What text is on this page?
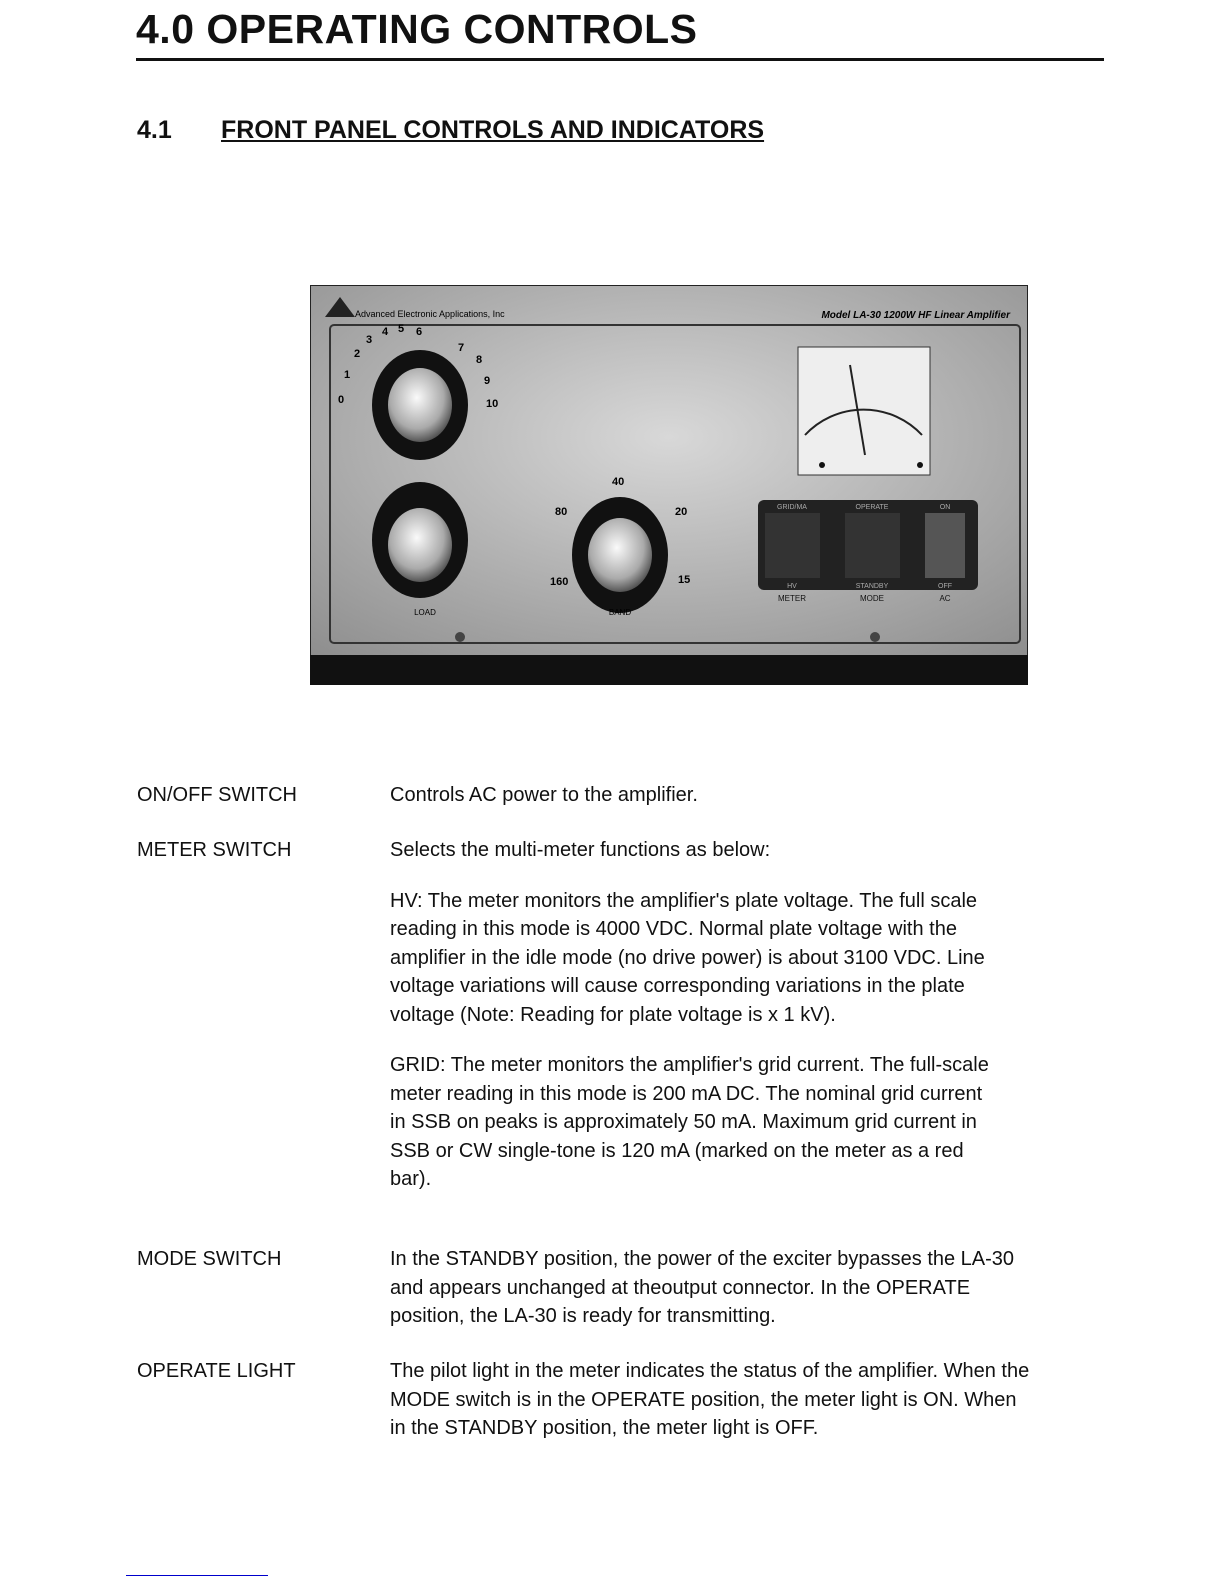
4.0 OPERATING CONTROLS
4.1 FRONT PANEL CONTROLS AND INDICATORS
Advanced Electronic Applications, Inc	Model LA-30 1200W HF Linear Amplifier
0
1
2
3
4 5 6
7
8
9
10
160
80
40
20
15
LOAD	BAND
GRID/MA	OPERATE	ON
HV	STANDBY	OFF
METER	MODE	AC
ON/OFF SWITCH	Controls AC power to the amplifier.

METER SWITCH	Selects the multi-meter functions as below:

HV: The meter monitors the amplifier's plate voltage. The full scale reading in this mode is 4000 VDC. Normal plate voltage with the amplifier in the idle mode (no drive power) is about 3100 VDC. Line voltage variations will cause corresponding variations in the plate voltage (Note: Reading for plate voltage is x 1 kV).

GRID: The meter monitors the amplifier's grid current. The full-scale meter reading in this mode is 200 mA DC. The nominal grid current in SSB on peaks is approximately 50 mA. Maximum grid current in SSB or CW single-tone is 120 mA (marked on the meter as a red bar).

MODE SWITCH	In the STANDBY position, the power of the exciter bypasses the LA-30 and appears unchanged at theoutput connector. In the OPERATE position, the LA-30 is ready for transmitting.

OPERATE LIGHT	The pilot light in the meter indicates the status of the amplifier. When the MODE switch is in the OPERATE position, the meter light is ON. When in the STANDBY position, the meter light is OFF.
